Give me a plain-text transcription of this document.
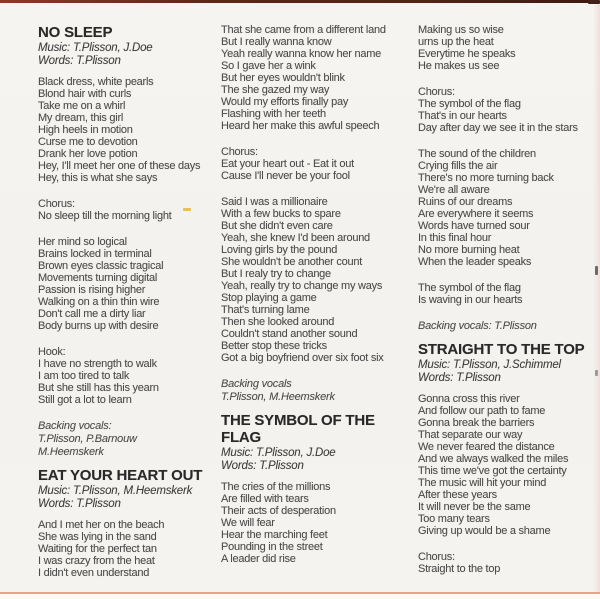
NO SLEEP
Music: T.Plisson, J.Doe
Words: T.Plisson
Black dress, white pearls
Blond hair with curls
Take me on a whirl
My dream, this girl
High heels in motion
Curse me to devotion
Drank her love potion
Hey, I'll meet her one of these days
Hey, this is what she says
Chorus:
No sleep till the morning light
Her mind so logical
Brains locked in terminal
Brown eyes classic tragical
Movements turning digital
Passion is rising higher
Walking on a thin thin wire
Don't call me a dirty liar
Body burns up with desire
Hook:
I have no strength to walk
I am too tired to talk
But she still has this yearn
Still got a lot to learn
Backing vocals:
T.Plisson, P.Barnouw
M.Heemskerk
EAT YOUR HEART OUT
Music: T.Plisson, M.Heemskerk
Words: T.Plisson
And I met her on the beach
She was lying in the sand
Waiting for the perfect tan
I was crazy from the heat
I didn't even understand
That she came from a different land
But I really wanna know
Yeah really wanna know her name
So I gave her a wink
But her eyes wouldn't blink
The she gazed my way
Would my efforts finally pay
Flashing with her teeth
Heard her make this awful speech
Chorus:
Eat your heart out - Eat it out
Cause I'll never be your fool
Said I was a millionaire
With a few bucks to spare
But she didn't even care
Yeah, she knew I'd been around
Loving girls by the pound
She wouldn't be another count
But I realy try to change
Yeah, really try to change my ways
Stop playing a game
That's turning lame
Then she looked around
Couldn't stand another sound
Better stop these tricks
Got a big boyfriend over six foot six
Backing vocals
T.Plisson, M.Heemskerk
THE SYMBOL OF THE
FLAG
Music: T.Plisson, J.Doe
Words: T.Plisson
The cries of the millions
Are filled with tears
Their acts of desperation
We will fear
Hear the marching feet
Pounding in the street
A leader did rise
Making us so wise
urns up the heat
Everytime he speaks
He makes us see
Chorus:
The symbol of the flag
That's in our hearts
Day after day we see it in the stars
The sound of the children
Crying fills the air
There's no more turning back
We're all aware
Ruins of our dreams
Are everywhere it seems
Words have turned sour
In this final hour
No more burning heat
When the leader speaks
The symbol of the flag
Is waving in our hearts
Backing vocals: T.Plisson
STRAIGHT TO THE TOP
Music: T.Plisson, J.Schimmel
Words: T.Plisson
Gonna cross this river
And follow our path to fame
Gonna break the barriers
That separate our way
We never feared the distance
And we always walked the miles
This time we've got the certainty
The music will hit your mind
After these years
It will never be the same
Too many tears
Giving up would be a shame
Chorus:
Straight to the top
